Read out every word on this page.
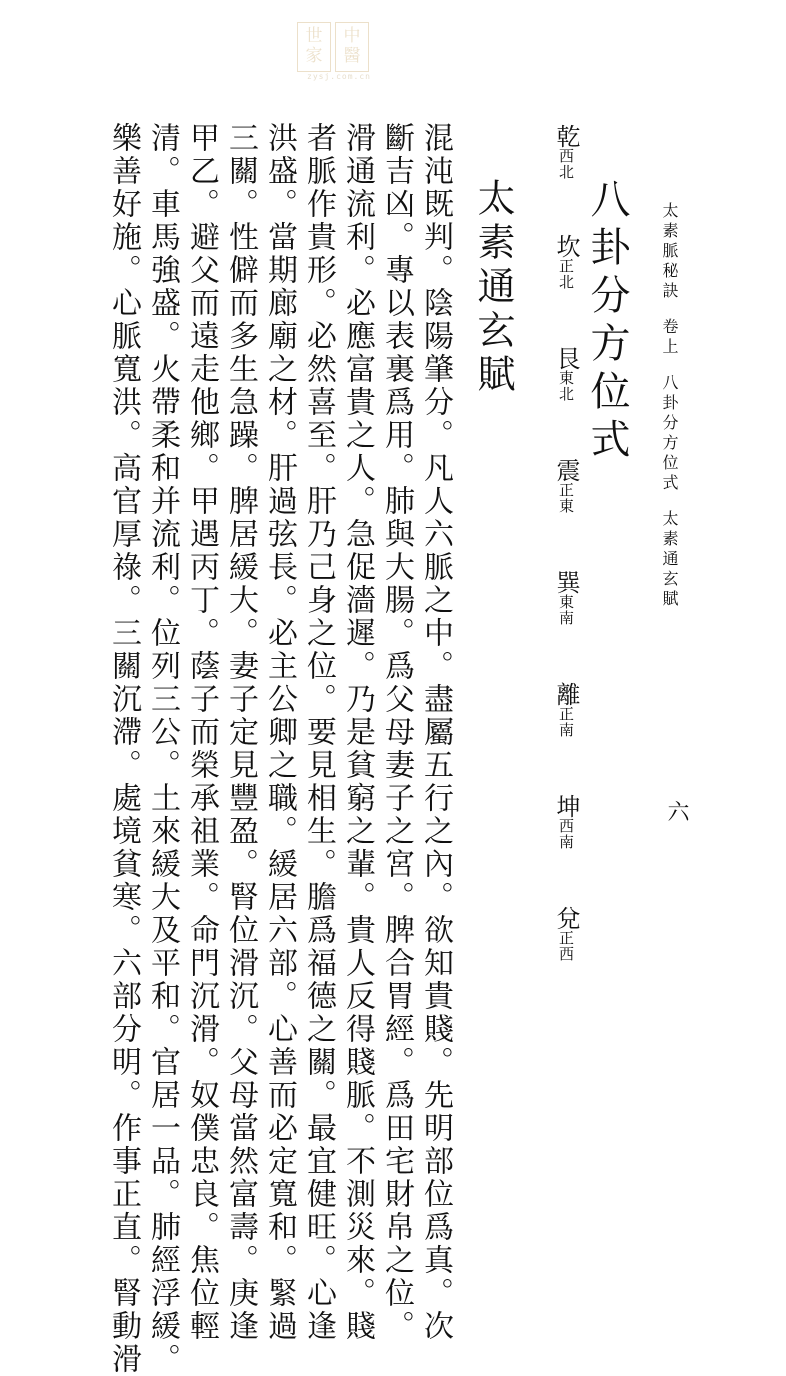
世
家
中
醫
zysj.com.cn
太素脈秘訣卷上八卦分方位式太素通玄賦
六
八卦分方位式
乾西北
坎正北
艮東北
震正東
巽東南
離正南
坤西南
兌正西
太素通玄賦
混沌既判。陰陽肇分。凡人六脈之中。盡屬五行之內。欲知貴賤。先明部位爲真。次
斷吉凶。專以表裏爲用。肺與大腸。爲父母妻子之宮。脾合胃經。爲田宅財帛之位。
滑通流利。必應富貴之人。急促濇遲。乃是貧窮之輩。貴人反得賤脈。不測災來。賤
者脈作貴形。必然喜至。肝乃己身之位。要見相生。膽爲福德之關。最宜健旺。心逢
洪盛。當期廊廟之材。肝過弦長。必主公卿之職。緩居六部。心善而必定寬和。緊過
三關。性僻而多生急躁。脾居緩大。妻子定見豐盈。腎位滑沉。父母當然富壽。庚逢
甲乙。避父而遠走他鄉。甲遇丙丁。蔭子而榮承祖業。命門沉滑。奴僕忠良。焦位輕
清。車馬強盛。火帶柔和并流利。位列三公。土來緩大及平和。官居一品。肺經浮緩。
樂善好施。心脈寬洪。高官厚祿。三關沉滯。處境貧寒。六部分明。作事正直。腎動滑
